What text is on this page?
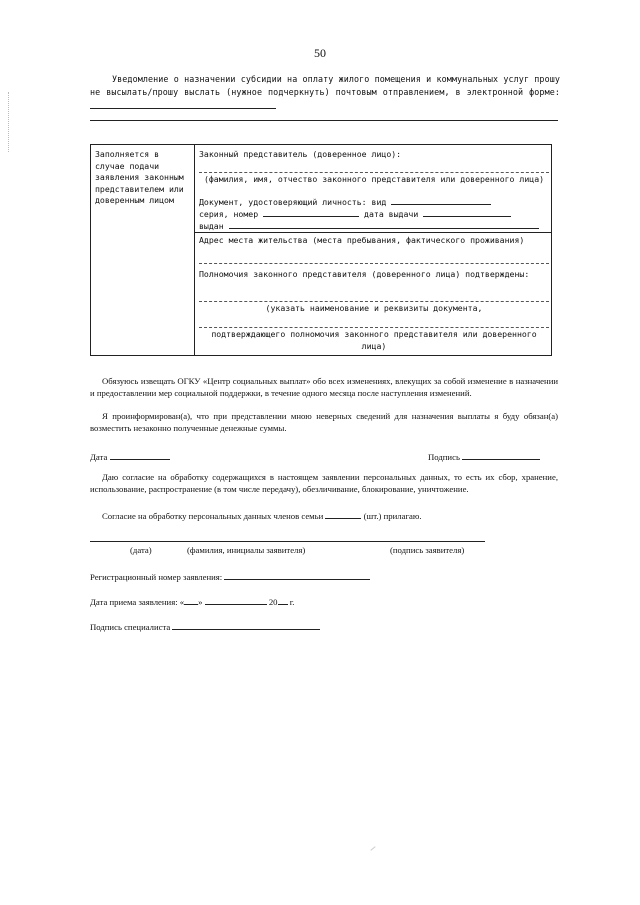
50
Уведомление о назначении субсидии на оплату жилого помещения и коммунальных услуг прошу не высылать/прошу выслать (нужное подчеркнуть) почтовым отправлением, в электронной форме:
Заполняется в случае подачи заявления законным представителем или доверенным лицом
Законный представитель (доверенное лицо):
(фамилия, имя, отчество законного представителя или доверенного лица)
Документ, удостоверяющий личность: вид
серия, номер	дата выдачи
выдан
Адрес места жительства (места пребывания, фактического проживания)
Полномочия законного представителя (доверенного лица) подтверждены:
(указать наименование и реквизиты документа,
подтверждающего полномочия законного представителя или доверенного лица)
Обязуюсь извещать ОГКУ «Центр социальных выплат» обо всех изменениях, влекущих за собой изменение в назначении и предоставлении мер социальной поддержки, в течение одного месяца после наступления изменений.
Я проинформирован(а), что при представлении мною неверных сведений для назначения выплаты я буду обязан(а) возместить незаконно полученные денежные суммы.
Дата	Подпись
Даю согласие на обработку содержащихся в настоящем заявлении персональных данных, то есть их сбор, хранение, использование, распространение (в том числе передачу), обезличивание, блокирование, уничтожение.
Согласие на обработку персональных данных членов семьи	(шт.) прилагаю.
(дата)	(фамилия, инициалы заявителя)	(подпись заявителя)
Регистрационный номер заявления:
Дата приема заявления: « »	20 г.
Подпись специалиста
